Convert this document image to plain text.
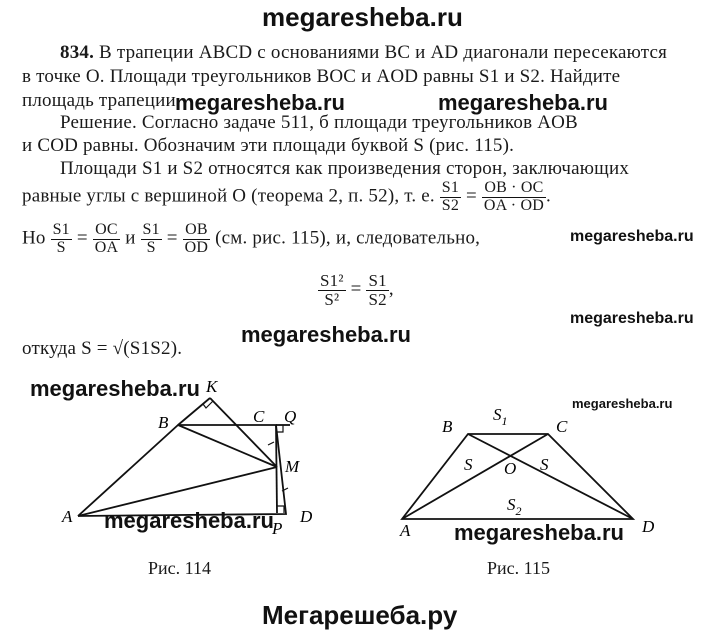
megaresheba.ru
834. В трапеции ABCD с основаниями BC и AD диагонали пересекаются
в точке O. Площади треугольников BOC и AOD равны S1 и S2. Найдите
площадь трапеции.
megaresheba.ru	megaresheba.ru
Решение. Согласно задаче 511, б площади треугольников AOB
и COD равны. Обозначим эти площади буквой S (рис. 115).
Площади S1 и S2 относятся как произведения сторон, заключающих
равные углы с вершиной O (теорема 2, п. 52), т. е. $\frac{S1}{S2} = \frac{OB \cdot OC}{OA \cdot OD}$ .
megaresheba.ru
Но $\frac{S1}{S} = \frac{OC}{OA}$ и $\frac{S1}{S} = \frac{OB}{OD} (см$. рис. 115), и, следовательно,
$\frac{\text{S1²}}{\text{S²}} = \frac{S1}{S2}$ ,
megaresheba.ru
megaresheba.ru
откуда S = √(S1S2).
A
B	C Q
K
M
P
D
megaresheba.ru
megaresheba.ru
A
B	C
D
O
$S_1$
$S_2$
S	S
megaresheba.ru	megaresheba.ru
Рис. 114	Рис. 115
Мегарешеба.ру
